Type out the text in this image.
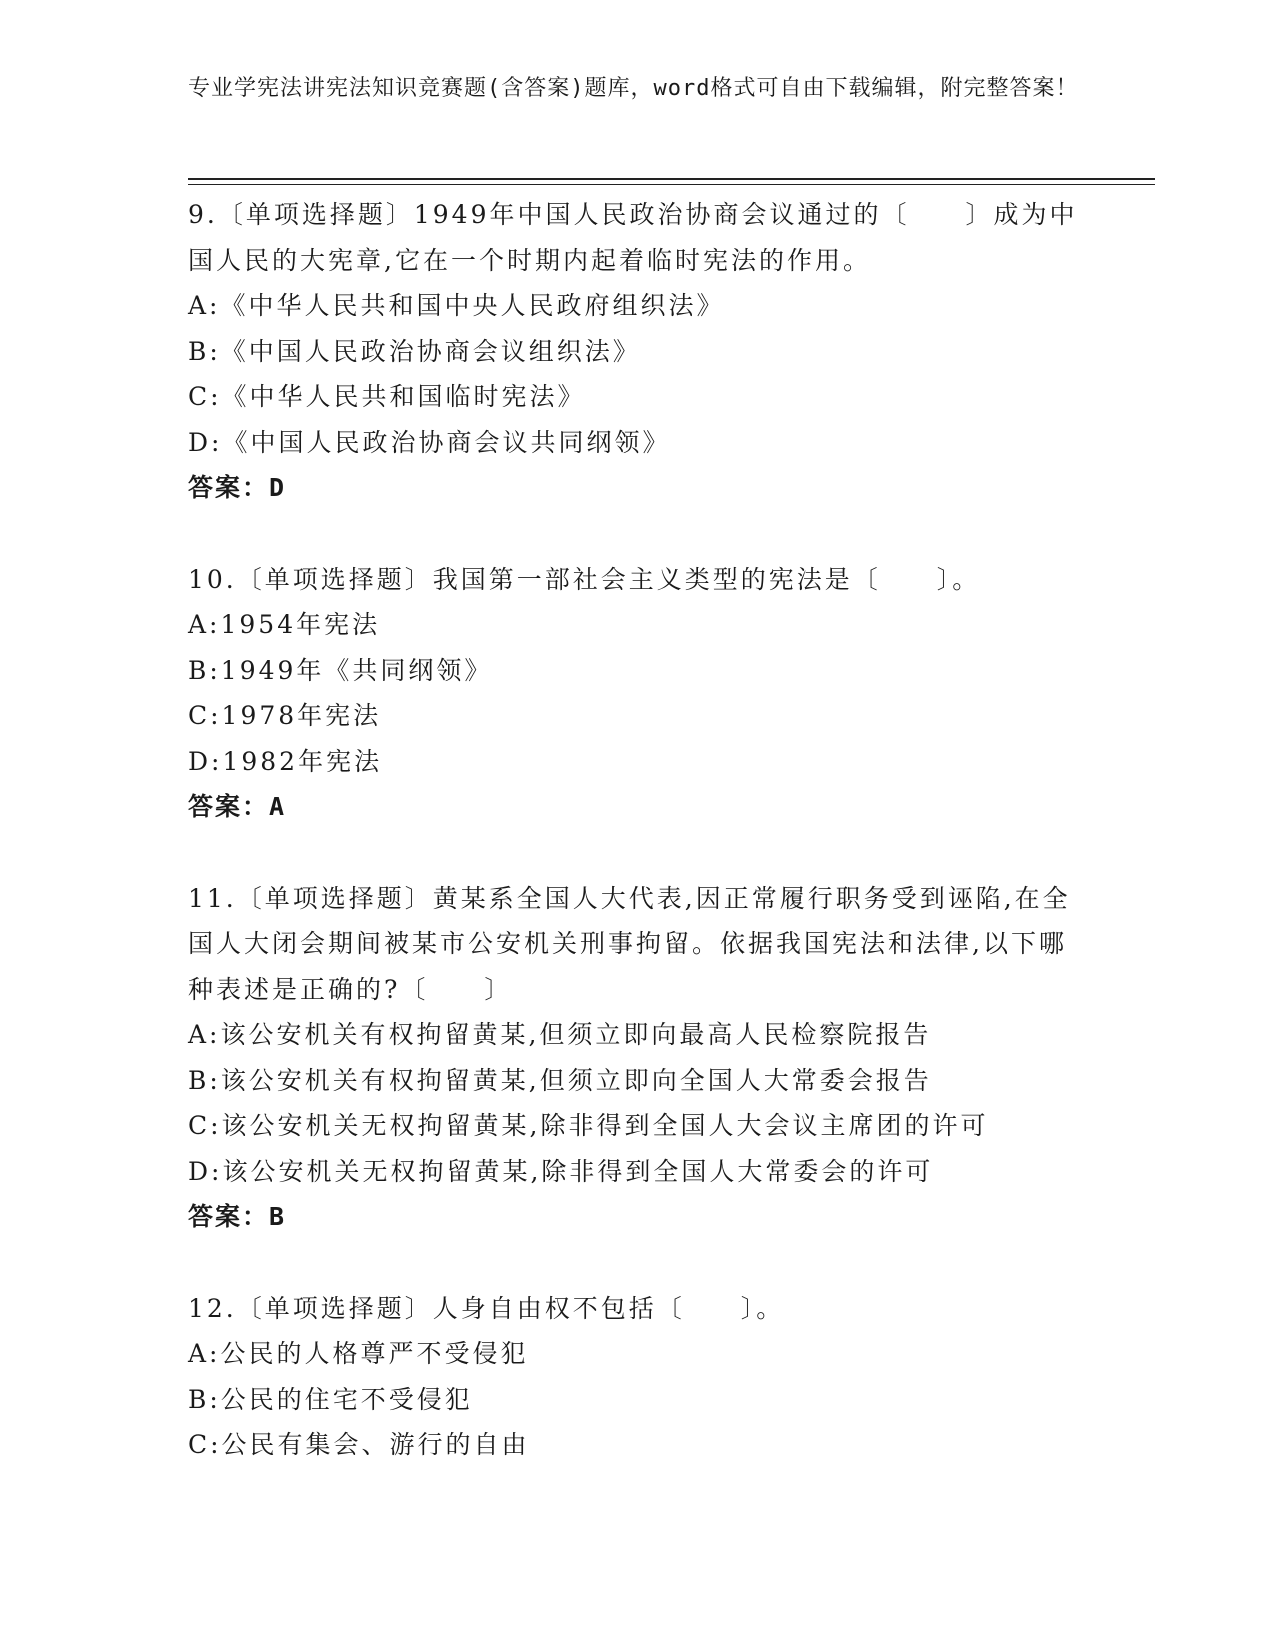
专业学宪法讲宪法知识竞赛题(含答案)题库，word格式可自由下载编辑，附完整答案！
9.〔单项选择题〕1949年中国人民政治协商会议通过的〔　　〕成为中国人民的大宪章,它在一个时期内起着临时宪法的作用。
A:《中华人民共和国中央人民政府组织法》
B:《中国人民政治协商会议组织法》
C:《中华人民共和国临时宪法》
D:《中国人民政治协商会议共同纲领》
答案：D
10.〔单项选择题〕我国第一部社会主义类型的宪法是〔　　〕。
A:1954年宪法
B:1949年《共同纲领》
C:1978年宪法
D:1982年宪法
答案：A
11.〔单项选择题〕黄某系全国人大代表,因正常履行职务受到诬陷,在全国人大闭会期间被某市公安机关刑事拘留。依据我国宪法和法律,以下哪种表述是正确的?〔　　〕
A:该公安机关有权拘留黄某,但须立即向最高人民检察院报告
B:该公安机关有权拘留黄某,但须立即向全国人大常委会报告
C:该公安机关无权拘留黄某,除非得到全国人大会议主席团的许可
D:该公安机关无权拘留黄某,除非得到全国人大常委会的许可
答案：B
12.〔单项选择题〕人身自由权不包括〔　　〕。
A:公民的人格尊严不受侵犯
B:公民的住宅不受侵犯
C:公民有集会、游行的自由
